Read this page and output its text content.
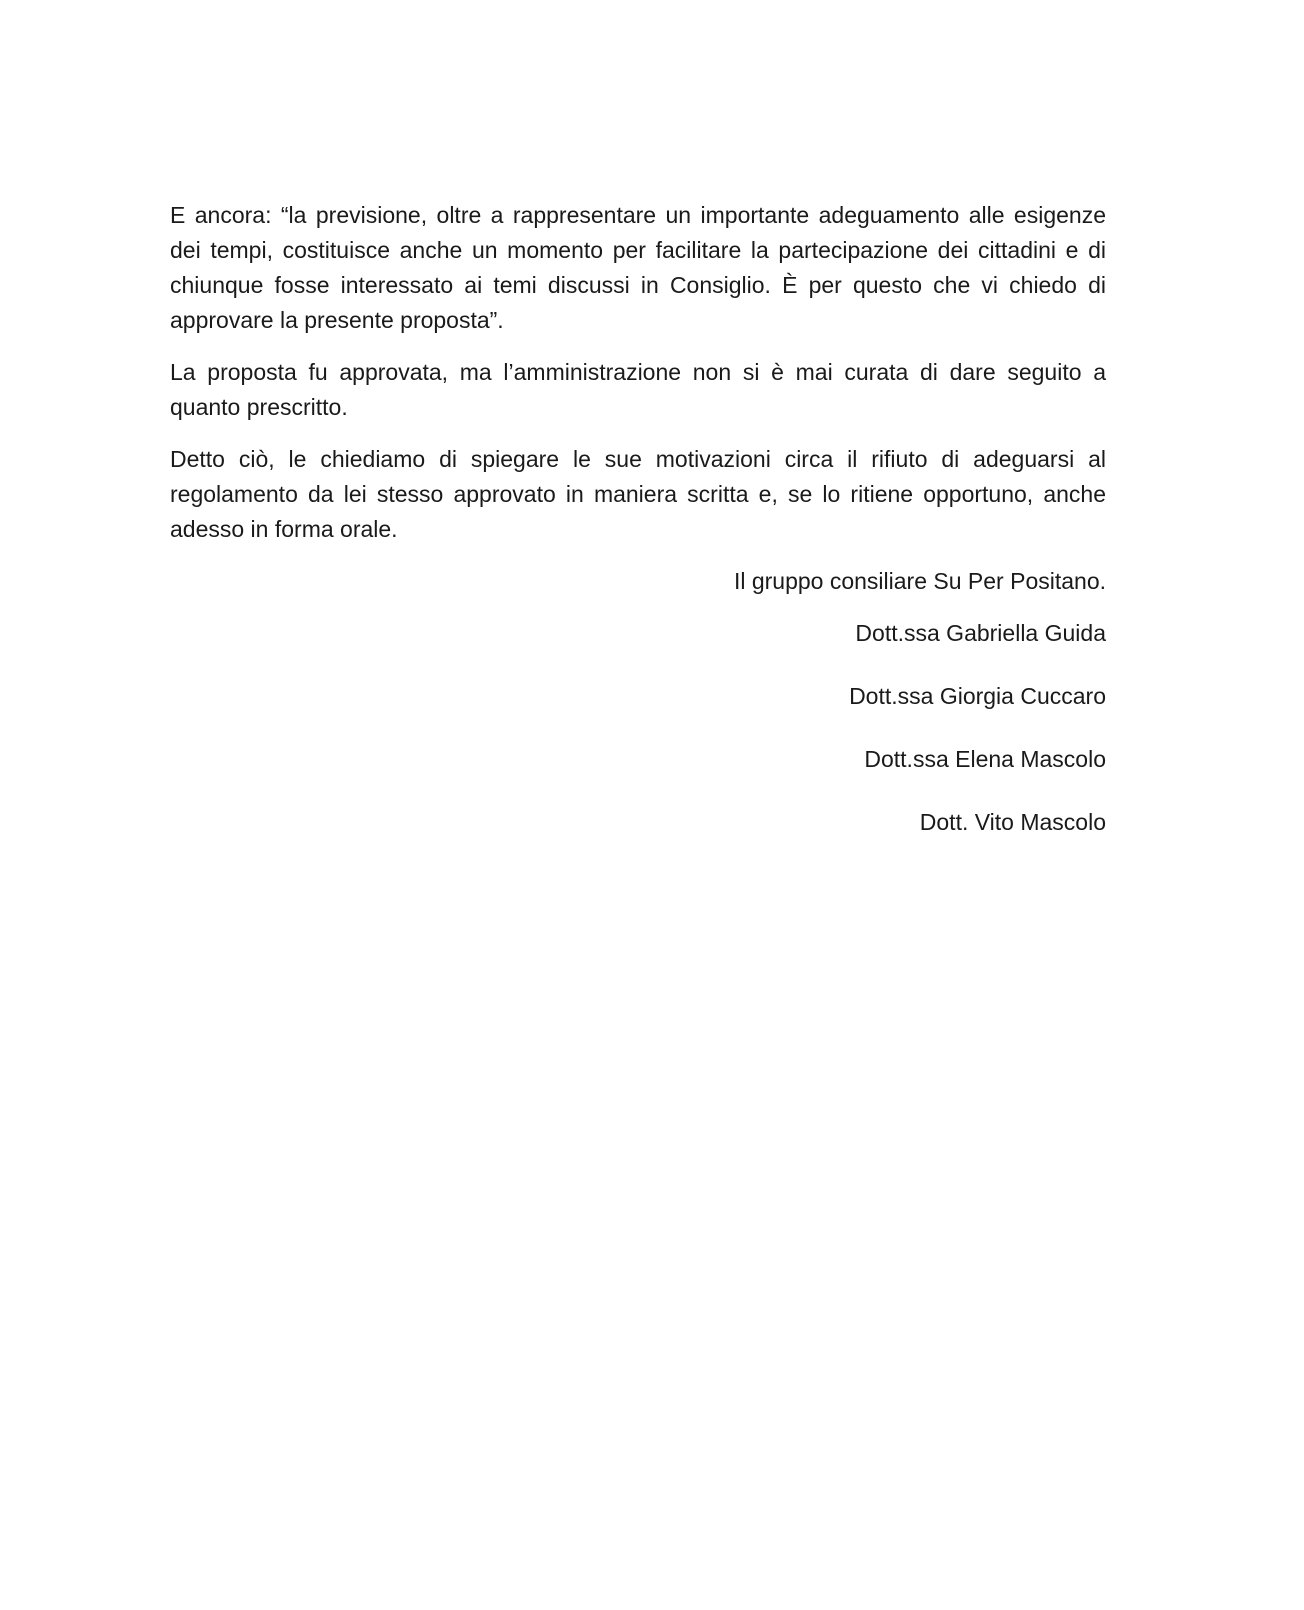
E ancora: “la previsione, oltre a rappresentare un importante adeguamento alle esigenze dei tempi, costituisce anche un momento per facilitare la partecipazione dei cittadini e di chiunque fosse interessato ai temi discussi in Consiglio. È per questo che vi chiedo di approvare la presente proposta”.

La proposta fu approvata, ma l’amministrazione non si è mai curata di dare seguito a quanto prescritto.

Detto ciò, le chiediamo di spiegare le sue motivazioni circa il rifiuto di adeguarsi al regolamento da lei stesso approvato in maniera scritta e, se lo ritiene opportuno, anche adesso in forma orale.

Il gruppo consiliare Su Per Positano.
Dott.ssa Gabriella Guida
Dott.ssa Giorgia Cuccaro
Dott.ssa Elena Mascolo
Dott. Vito Mascolo
